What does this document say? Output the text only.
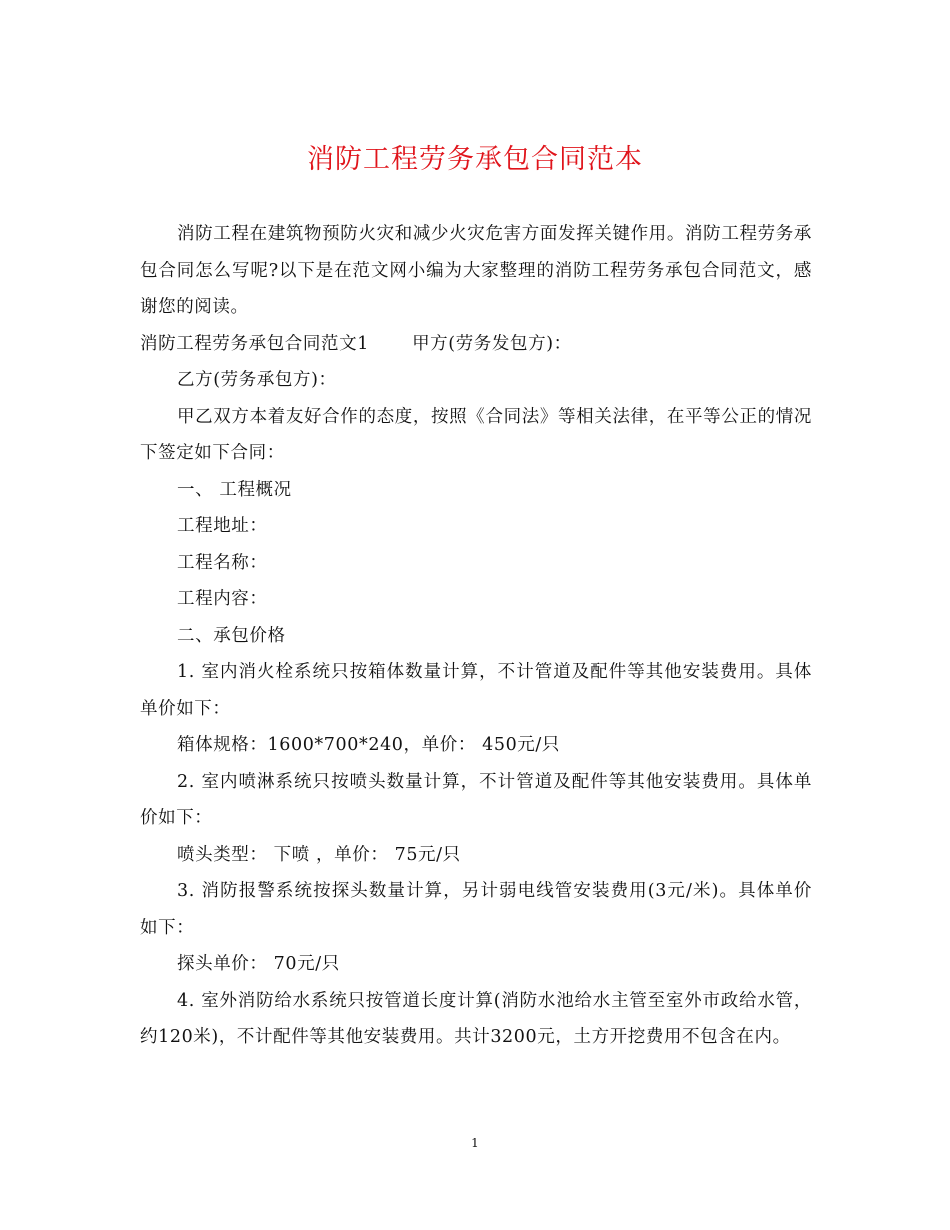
消防工程劳务承包合同范本

消防工程在建筑物预防火灾和减少火灾危害方面发挥关键作用。消防工程劳务承包合同怎么写呢?以下是在范文网小编为大家整理的消防工程劳务承包合同范文，感谢您的阅读。

消防工程劳务承包合同范文1 甲方(劳务发包方)：

乙方(劳务承包方)：

甲乙双方本着友好合作的态度，按照《合同法》等相关法律，在平等公正的情况下签定如下合同：

一、 工程概况

工程地址：

工程名称：

工程内容：

二、承包价格

1. 室内消火栓系统只按箱体数量计算，不计管道及配件等其他安装费用。具体单价如下：

箱体规格：1600*700*240，单价： 450元/只

2. 室内喷淋系统只按喷头数量计算，不计管道及配件等其他安装费用。具体单价如下：

喷头类型： 下喷 ，单价： 75元/只

3. 消防报警系统按探头数量计算，另计弱电线管安装费用(3元/米)。具体单价如下：

探头单价： 70元/只

4. 室外消防给水系统只按管道长度计算(消防水池给水主管至室外市政给水管，约120米)，不计配件等其他安装费用。共计3200元，土方开挖费用不包含在内。

1
